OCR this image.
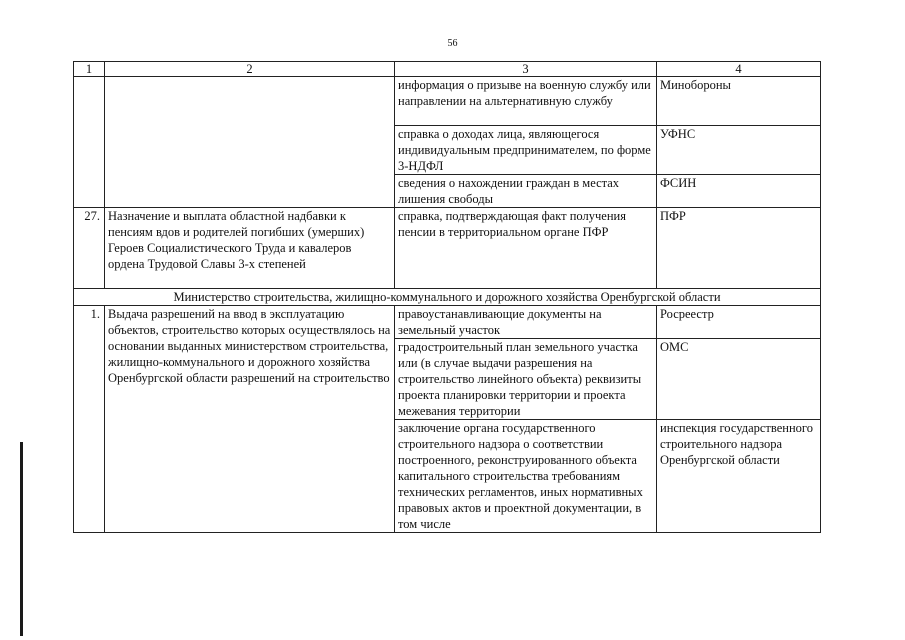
56
1	2	3	4
		информация о призыве на военную службу или направлении на альтернативную службу	Минобороны
		справка о доходах лица, являющегося индивидуальным предпринимателем, по форме 3-НДФЛ	УФНС
		сведения о нахождении граждан в местах лишения свободы	ФСИН
27.	Назначение и выплата областной надбавки к пенсиям вдов и родителей погибших (умерших) Героев Социалистического Труда и кавалеров ордена Трудовой Славы 3-х степеней	справка, подтверждающая факт получения пенсии в территориальном органе ПФР	ПФР
Министерство строительства, жилищно-коммунального и дорожного хозяйства Оренбургской области			
1.	Выдача разрешений на ввод в эксплуатацию объектов, строительство которых осуществлялось на основании выданных министерством строительства, жилищно-коммунального и дорожного хозяйства Оренбургской области разрешений на строительство	правоустанавливающие документы на земельный участок	Росреестр
		градостроительный план земельного участка или (в случае выдачи разрешения на строительство линейного объекта) реквизиты проекта планировки территории и проекта межевания территории	ОМС
		заключение органа государственного строительного надзора о соответствии построенного, реконструированного объекта капитального строительства требованиям технических регламентов, иных нормативных правовых актов и проектной документации, в том числе	инспекция государственного строительного надзора Оренбургской области
